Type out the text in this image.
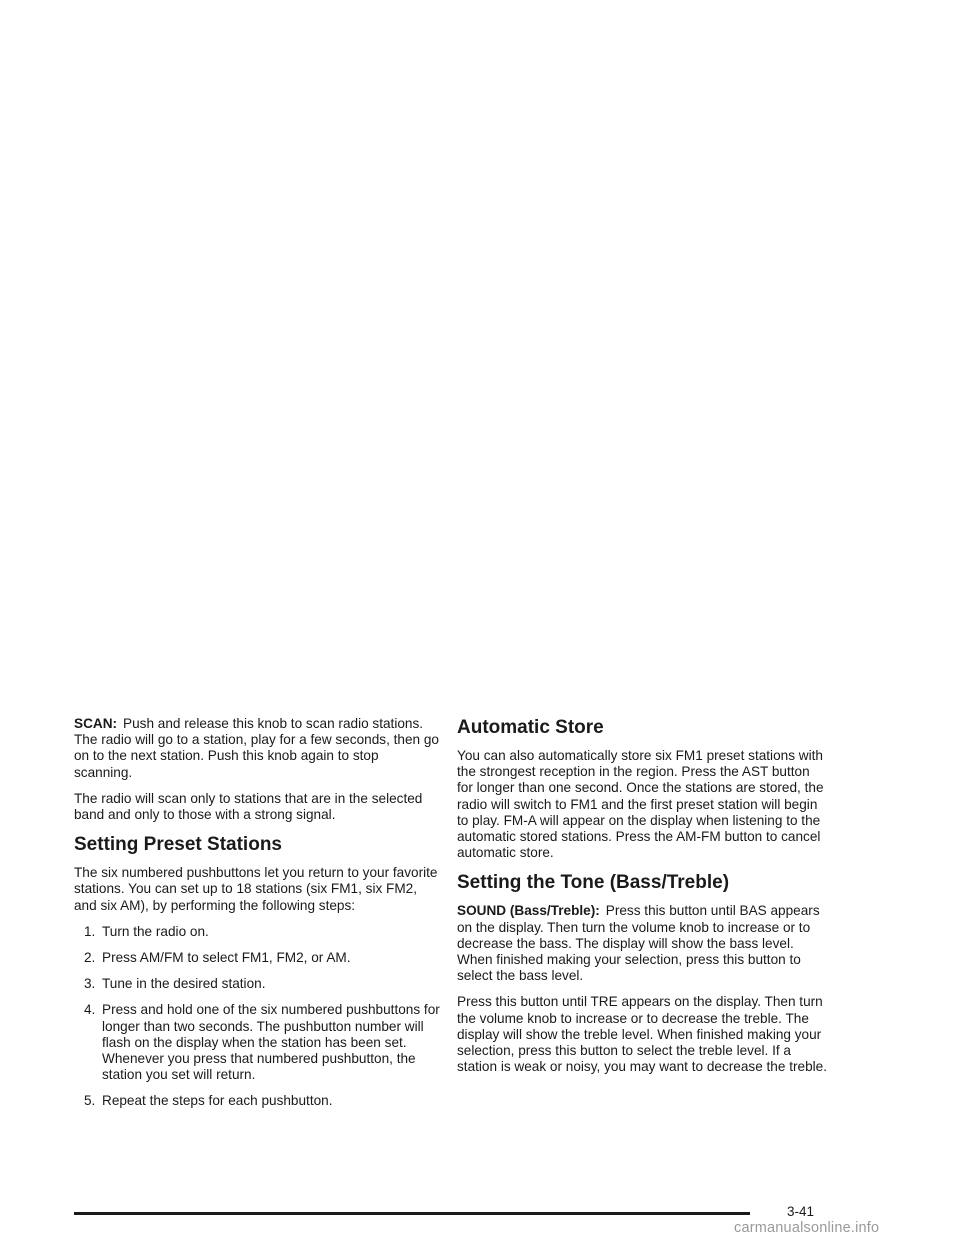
SCAN: Push and release this knob to scan radio stations. The radio will go to a station, play for a few seconds, then go on to the next station. Push this knob again to stop scanning.

The radio will scan only to stations that are in the selected band and only to those with a strong signal.

Setting Preset Stations

The six numbered pushbuttons let you return to your favorite stations. You can set up to 18 stations (six FM1, six FM2, and six AM), by performing the following steps:

1. Turn the radio on.
2. Press AM/FM to select FM1, FM2, or AM.
3. Tune in the desired station.
4. Press and hold one of the six numbered pushbuttons for longer than two seconds. The pushbutton number will flash on the display when the station has been set. Whenever you press that numbered pushbutton, the station you set will return.
5. Repeat the steps for each pushbutton.
Automatic Store

You can also automatically store six FM1 preset stations with the strongest reception in the region. Press the AST button for longer than one second. Once the stations are stored, the radio will switch to FM1 and the first preset station will begin to play. FM-A will appear on the display when listening to the automatic stored stations. Press the AM-FM button to cancel automatic store.

Setting the Tone (Bass/Treble)

SOUND (Bass/Treble): Press this button until BAS appears on the display. Then turn the volume knob to increase or to decrease the bass. The display will show the bass level. When finished making your selection, press this button to select the bass level.

Press this button until TRE appears on the display. Then turn the volume knob to increase or to decrease the treble. The display will show the treble level. When finished making your selection, press this button to select the treble level. If a station is weak or noisy, you may want to decrease the treble.

3-41
carmanualsonline.info
